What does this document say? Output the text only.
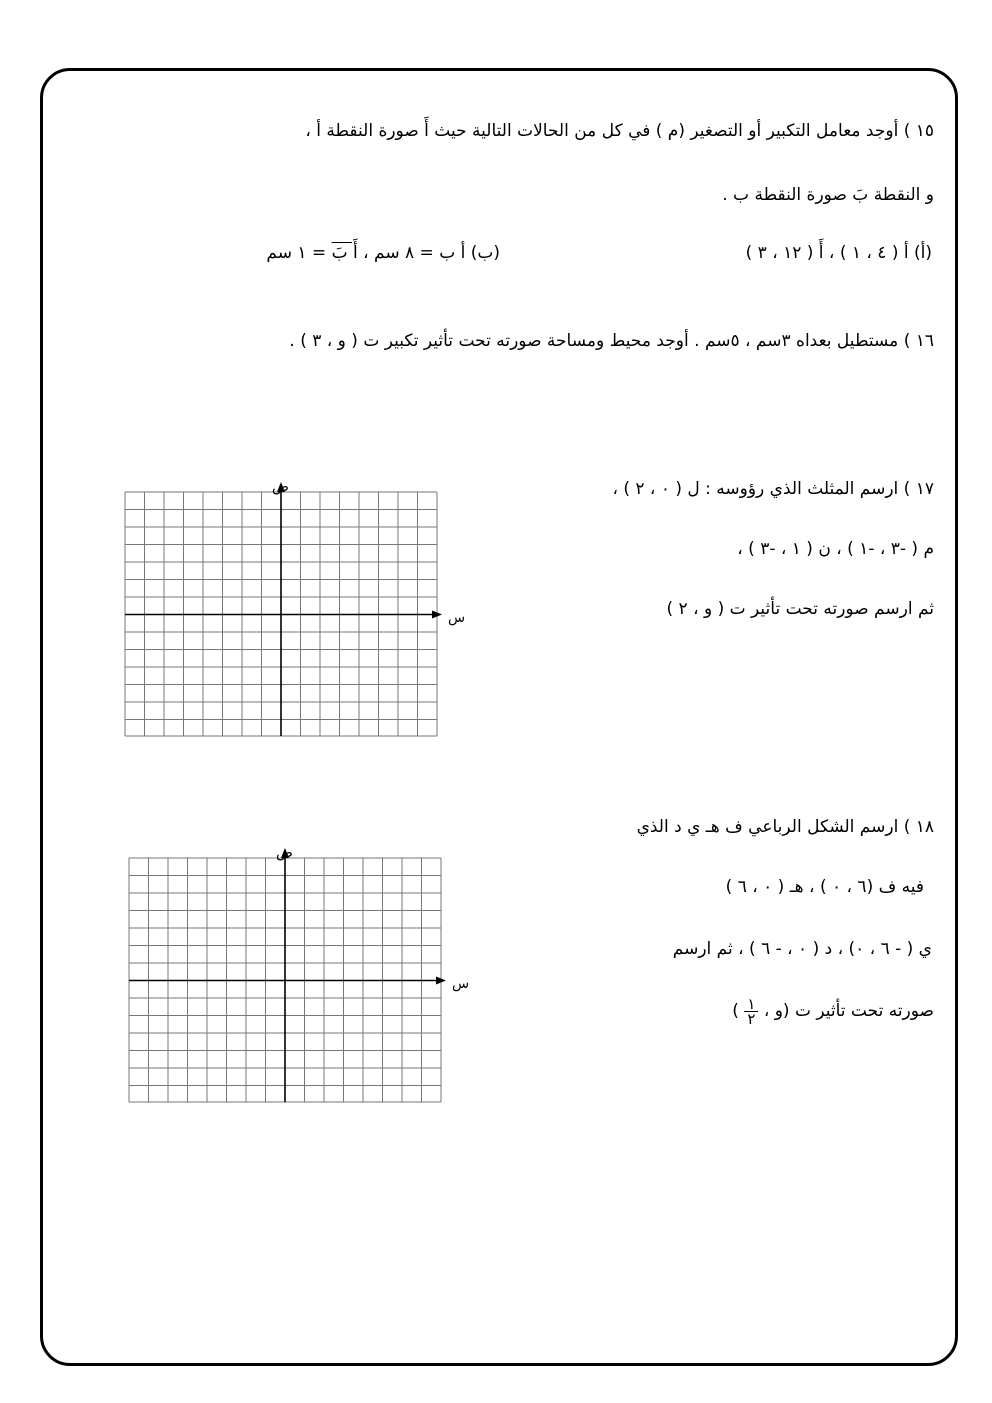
١٥ ) أوجد معامل التكبير أو التصغير (م ) في كل من الحالات التالية حيث أَ صورة النقطة أ ،
و النقطة بَ صورة النقطة ب .
(أ) أ ( ٤ ، ١ ) ، أَ ( ١٢ ، ٣ )
(ب) أ ب = ٨ سم ، أَ بَ = ١ سم
١٦ ) مستطيل بعداه ٣سم ، ٥سم . أوجد محيط ومساحة صورته تحت تأثير تكبير ت ( و ، ٣ ) .
١٧ ) ارسم المثلث الذي رؤوسه : ل ( ٠ ، ٢ ) ،
م ( -٣ ، -١ ) ، ن ( ١ ، -٣ ) ،
ثم ارسم صورته تحت تأثير ت ( و ، ٢ )
ص
س
١٨ ) ارسم الشكل الرباعي ف هـ ي د الذي
فيه ف (٦ ، ٠ ) ، هـ ( ٠ ، ٦ )
ي ( - ٦ ، ٠) ، د ( ٠ ، - ٦ ) ، ثم ارسم
صورته تحت تأثير ت (و ،
$\frac{١}{٢}$
)
ص
س
